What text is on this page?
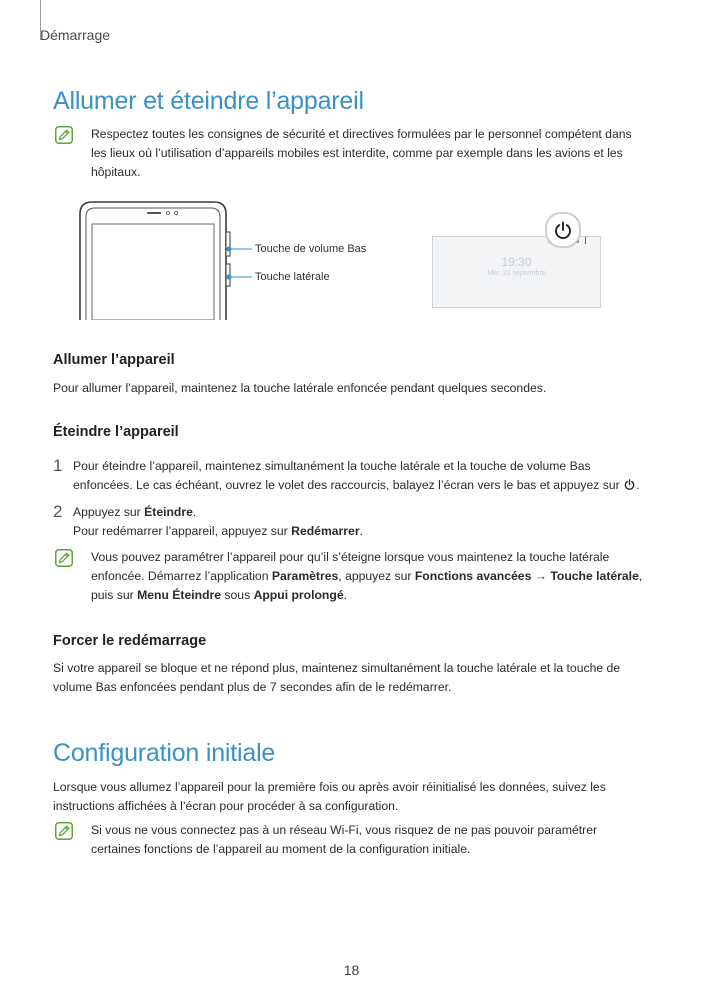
Démarrage
Allumer et éteindre l’appareil

Respectez toutes les consignes de sécurité et directives formulées par le personnel compétent dans les lieux où l’utilisation d’appareils mobiles est interdite, comme par exemple dans les avions et les hôpitaux.

Touche de volume Bas
Touche latérale
19:30
Mer. 22 septembre
Allumer l’appareil

Pour allumer l’appareil, maintenez la touche latérale enfoncée pendant quelques secondes.

Éteindre l’appareil
1 Pour éteindre l’appareil, maintenez simultanément la touche latérale et la touche de volume Bas enfoncées. Le cas échéant, ouvrez le volet des raccourcis, balayez l’écran vers le bas et appuyez sur .

2 Appuyez sur Éteindre.

Pour redémarrer l’appareil, appuyez sur Redémarrer.

Vous pouvez paramétrer l’appareil pour qu’il s’éteigne lorsque vous maintenez la touche latérale enfoncée. Démarrez l’application Paramètres, appuyez sur Fonctions avancées → Touche latérale, puis sur Menu Éteindre sous Appui prolongé.

Forcer le redémarrage

Si votre appareil se bloque et ne répond plus, maintenez simultanément la touche latérale et la touche de volume Bas enfoncées pendant plus de 7 secondes afin de le redémarrer.

Configuration initiale

Lorsque vous allumez l’appareil pour la première fois ou après avoir réinitialisé les données, suivez les instructions affichées à l’écran pour procéder à sa configuration.

Si vous ne vous connectez pas à un réseau Wi-Fi, vous risquez de ne pas pouvoir paramétrer certaines fonctions de l’appareil au moment de la configuration initiale.

18
